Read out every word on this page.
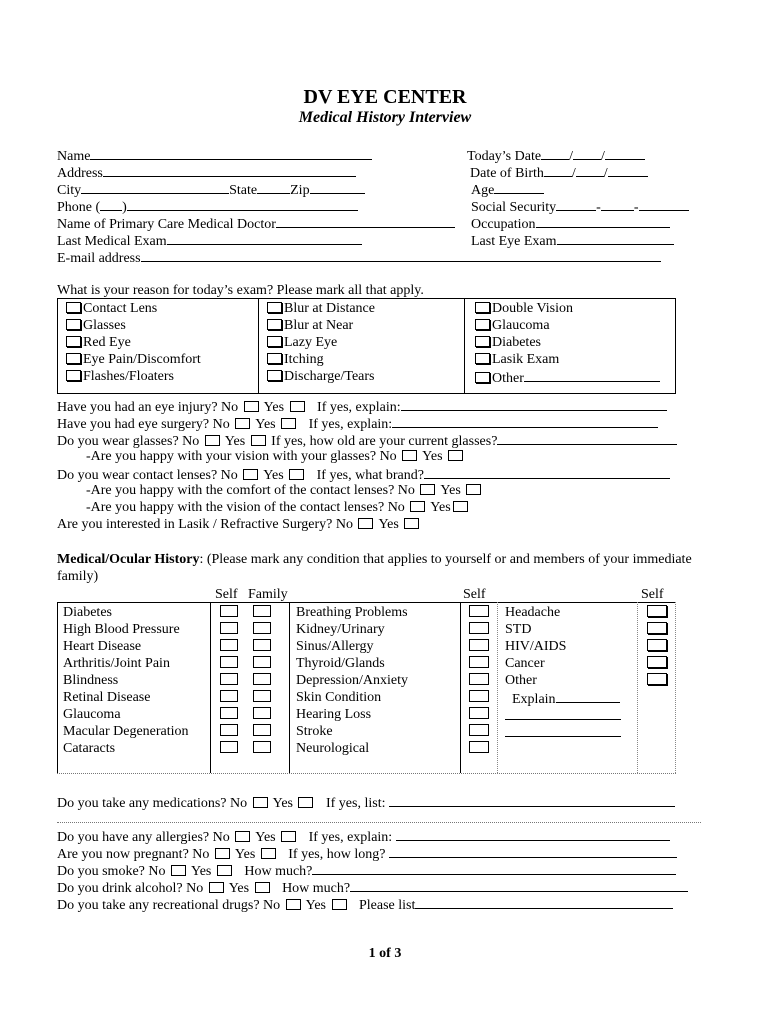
DV EYE CENTER
Medical History Interview
Name
Address
City	State Zip
Phone ( )
Name of Primary Care Medical Doctor
Last Medical Exam
E-mail address
Today’s Date / /
Date of Birth / /
Age
Social Security	- -
Occupation
Last Eye Exam
What is your reason for today’s exam? Please mark all that apply.
Contact Lens
Glasses
Red Eye
Eye Pain/Discomfort
Flashes/Floaters
Blur at Distance
Blur at Near
Lazy Eye
Itching
Discharge/Tears
Double Vision
Glaucoma
Diabetes
Lasik Exam
Other
Have you had an eye injury? No Yes If yes, explain:
Have you had eye surgery? No Yes If yes, explain:
Do you wear glasses? No Yes If yes, how old are your current glasses?
-Are you happy with your vision with your glasses? No Yes
Do you wear contact lenses? No Yes If yes, what brand?
-Are you happy with the comfort of the contact lenses? No Yes
-Are you happy with the vision of the contact lenses? No Yes
Are you interested in Lasik / Refractive Surgery? No Yes
Medical/Ocular History: (Please mark any condition that applies to yourself or and members of your immediate
family)
Self Family	Self	Self
Diabetes
High Blood Pressure
Heart Disease
Arthritis/Joint Pain
Blindness
Retinal Disease
Glaucoma
Macular Degeneration
Cataracts

Breathing Problems
Kidney/Urinary
Sinus/Allergy
Thyroid/Glands
Depression/Anxiety
Skin Condition
Hearing Loss
Stroke
Neurological
Headache
STD
HIV/AIDS
Cancer
Other
Explain
Do you take any medications? No Yes If yes, list:
Do you have any allergies? No Yes If yes, explain:
Are you now pregnant? No Yes If yes, how long?
Do you smoke? No Yes How much?
Do you drink alcohol? No Yes How much?
Do you take any recreational drugs? No Yes Please list
1 of 3
